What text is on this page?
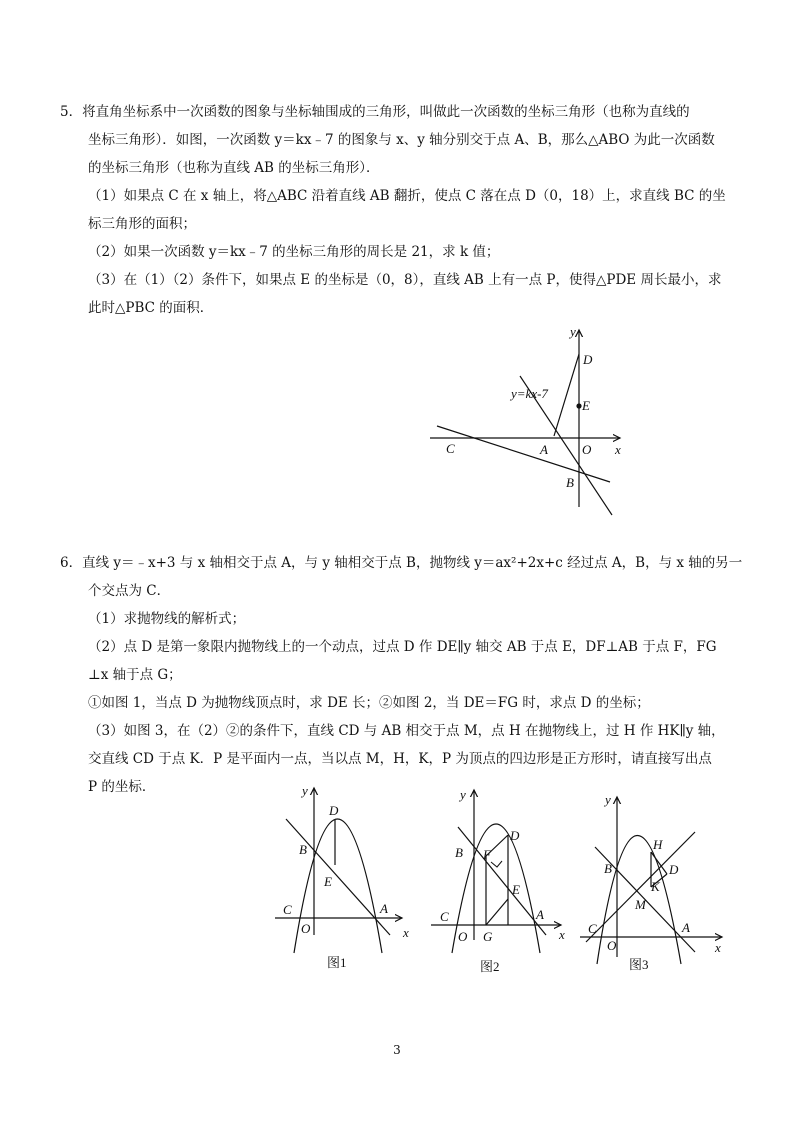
5．将直角坐标系中一次函数的图象与坐标轴围成的三角形，叫做此一次函数的坐标三角形（也称为直线的
坐标三角形）．如图，一次函数 y＝kx﹣7 的图象与 x、y 轴分别交于点 A、B，那么△ABO 为此一次函数
的坐标三角形（也称为直线 AB 的坐标三角形）．
（1）如果点 C 在 x 轴上，将△ABC 沿着直线 AB 翻折，使点 C 落在点 D（0，18）上，求直线 BC 的坐
标三角形的面积；
（2）如果一次函数 y＝kx﹣7 的坐标三角形的周长是 21，求 k 值；
（3）在（1）（2）条件下，如果点 E 的坐标是（0，8），直线 AB 上有一点 P，使得△PDE 周长最小，求
此时△PBC 的面积．
y=kx-7
y
x
D
E
C	A	O
B
6．直线 y＝﹣x+3 与 x 轴相交于点 A，与 y 轴相交于点 B，抛物线 y＝ax²+2x+c 经过点 A，B，与 x 轴的另一
个交点为 C．
（1）求抛物线的解析式；
（2）点 D 是第一象限内抛物线上的一个动点，过点 D 作 DE∥y 轴交 AB 于点 E，DF⊥AB 于点 F，FG
⊥x 轴于点 G；
①如图 1，当点 D 为抛物线顶点时，求 DE 长；②如图 2，当 DE＝FG 时，求点 D 的坐标；
（3）如图 3，在（2）②的条件下，直线 CD 与 AB 相交于点 M，点 H 在抛物线上，过 H 作 HK∥y 轴，
交直线 CD 于点 K．P 是平面内一点，当以点 M，H，K，P 为顶点的四边形是正方形时，请直接写出点
P 的坐标．	y
D
B
E
C	A
O	x
图1
y
D
B F
E
C	A
O G	x
图2
y
H
B	D
K
M
C	A
O	x
图3
3
